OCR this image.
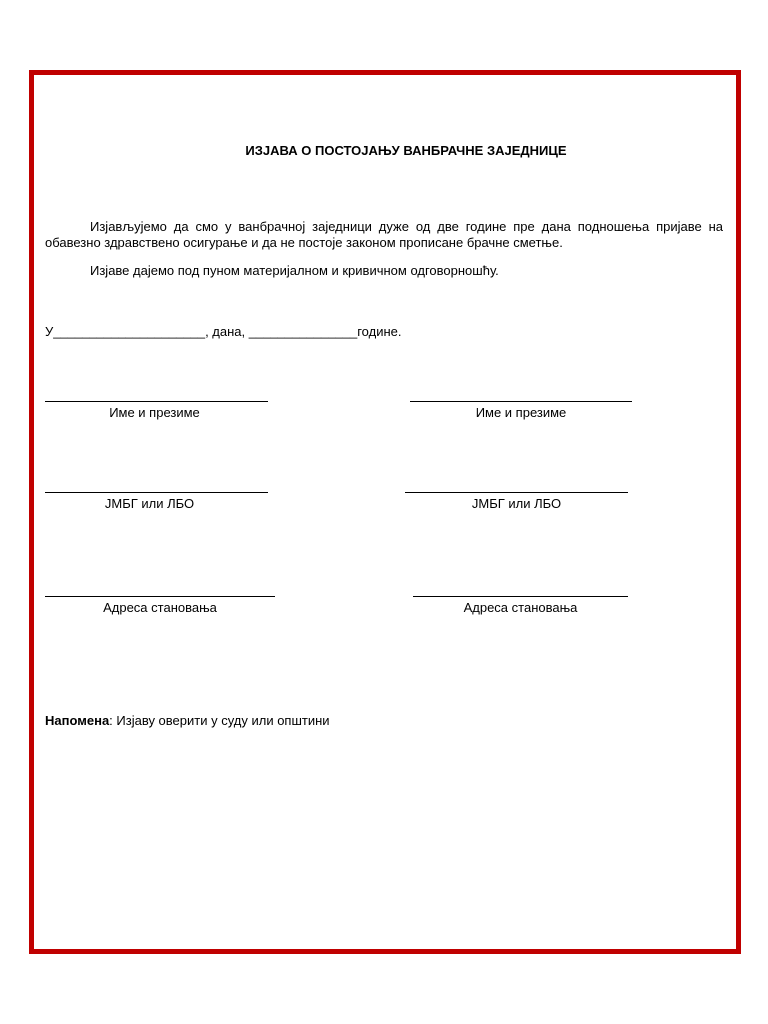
ИЗЈАВА О ПОСТОЈАЊУ ВАНБРАЧНЕ ЗАЈЕДНИЦЕ
Изјављујемо да смо у ванбрачној заједници дуже од две године пре дана подношења пријаве на обавезно здравствено осигурање и да не постоје законом прописане брачне сметње.
Изјаве дајемо под пуном материјалном и кривичном одговорношћу.
У_____________________, дана, _______________године.
Име и презиме	Име и презиме
ЈМБГ или ЛБО	ЈМБГ или ЛБО
Адреса становања	Адреса становања
Напомена: Изјаву оверити у суду или општини
